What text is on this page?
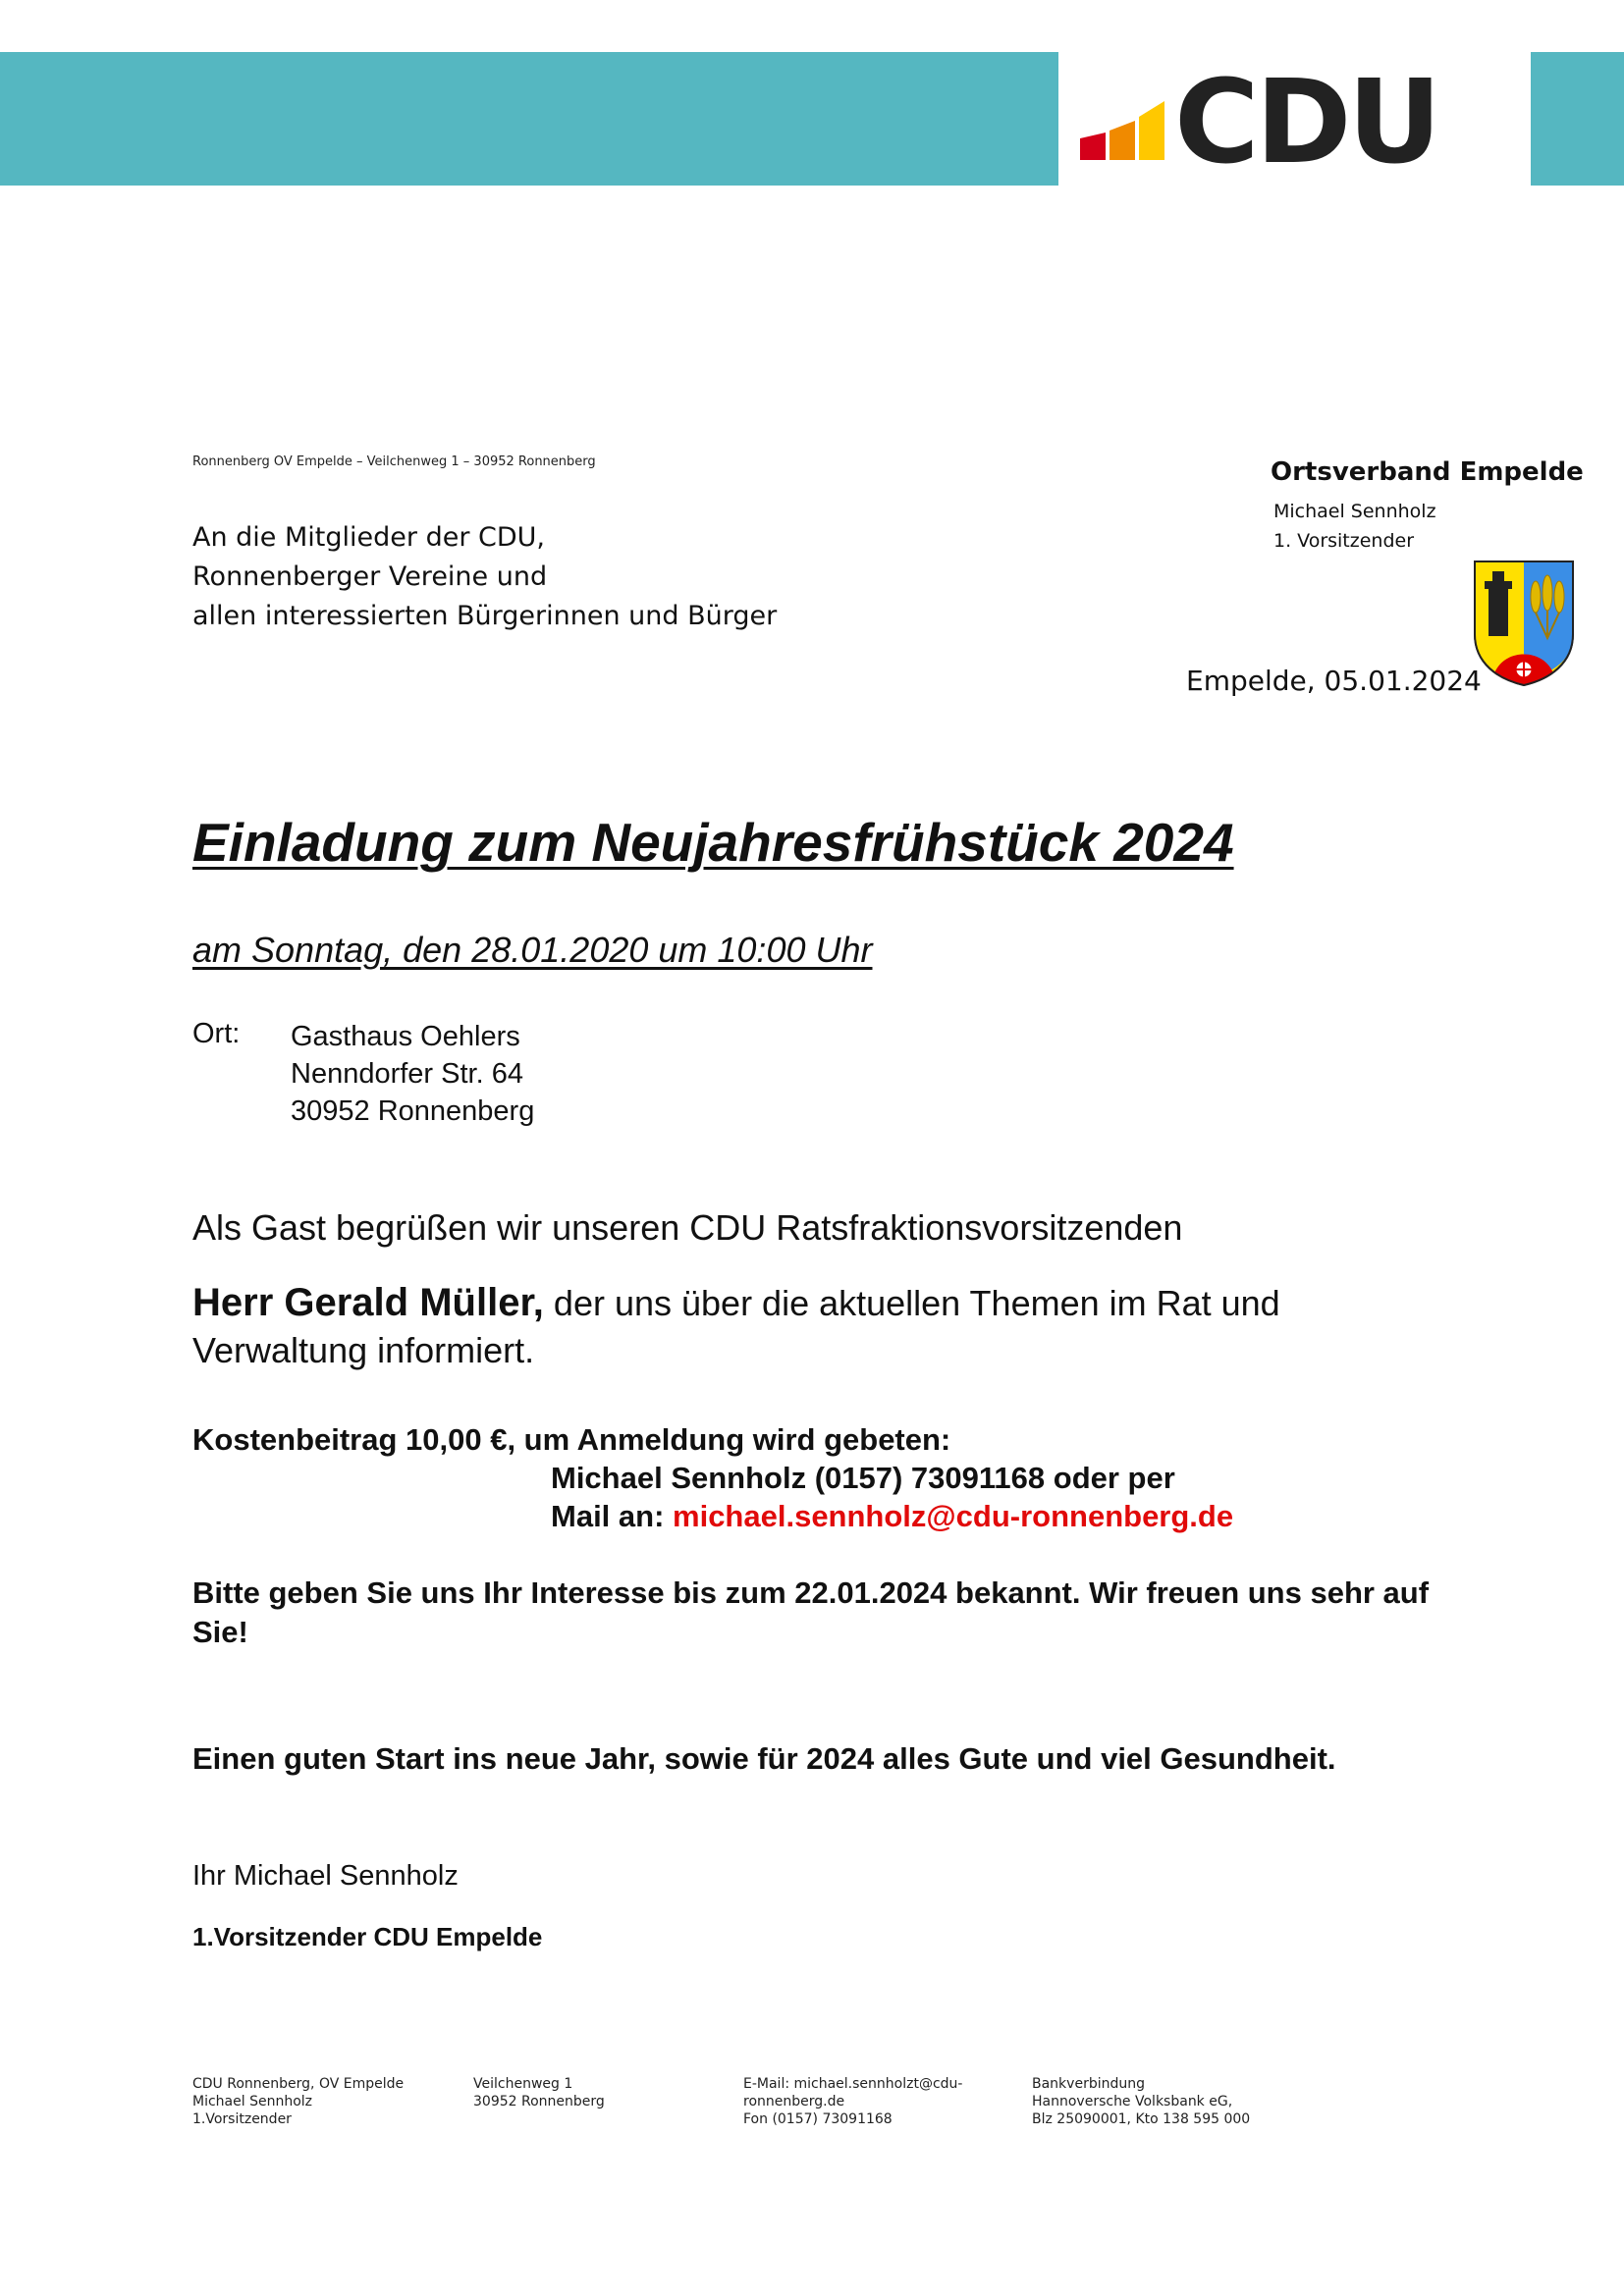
CDU
Ronnenberg OV Empelde – Veilchenweg 1 – 30952 Ronnenberg
An die Mitglieder der CDU,
Ronnenberger Vereine und
allen interessierten Bürgerinnen und Bürger
Ortsverband Empelde
Michael Sennholz
1. Vorsitzender
Empelde, 05.01.2024
Einladung zum Neujahresfrühstück 2024
am Sonntag, den 28.01.2020 um 10:00 Uhr
Ort: Gasthaus Oehlers
Nenndorfer Str. 64
30952 Ronnenberg
Als Gast begrüßen wir unseren CDU Ratsfraktionsvorsitzenden
Herr Gerald Müller, der uns über die aktuellen Themen im Rat und Verwaltung informiert.
Kostenbeitrag 10,00 €, um Anmeldung wird gebeten:
Michael Sennholz (0157) 73091168 oder per
Mail an: michael.sennholz@cdu-ronnenberg.de
Bitte geben Sie uns Ihr Interesse bis zum 22.01.2024 bekannt. Wir freuen uns sehr auf Sie!
Einen guten Start ins neue Jahr, sowie für 2024 alles Gute und viel Gesundheit.
Ihr Michael Sennholz
1.Vorsitzender CDU Empelde
CDU Ronnenberg, OV Empelde
Michael Sennholz
1.Vorsitzender
Veilchenweg 1
30952 Ronnenberg
E-Mail: michael.sennholzt@cdu-
ronnenberg.de
Fon (0157) 73091168
Bankverbindung
Hannoversche Volksbank eG,
Blz 25090001, Kto 138 595 000
